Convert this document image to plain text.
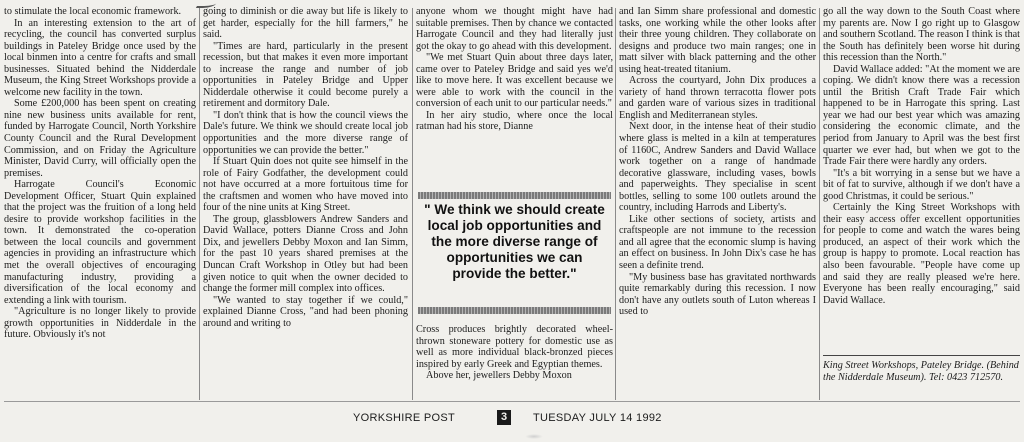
to stimulate the local economic framework.

In an interesting extension to the art of recycling, the council has converted surplus buildings in Pateley Bridge once used by the local binmen into a centre for crafts and small businesses. Situated behind the Nidderdale Museum, the King Street Workshops provide a welcome new facility in the town.

Some £200,000 has been spent on creating nine new business units available for rent, funded by Harrogate Council, North Yorkshire County Council and the Rural Development Commission, and on Friday the Agriculture Minister, David Curry, will officially open the premises.

Harrogate Council's Economic Development Officer, Stuart Quin explained that the project was the fruition of a long held desire to provide workshop facilities in the town. It demonstrated the co-operation between the local councils and government agencies in providing an infrastructure which met the overall objectives of encouraging manufacturing industry, providing a diversification of the local economy and extending a link with tourism.

"Agriculture is no longer likely to provide growth opportunities in Nidderdale in the future. Obviously it's not

going to diminish or die away but life is likely to get harder, especially for the hill farmers," he said.

"Times are hard, particularly in the present recession, but that makes it even more important to increase the range and number of job opportunities in Pateley Bridge and Upper Nidderdale otherwise it could become purely a retirement and dormitory Dale.

"I don't think that is how the council views the Dale's future. We think we should create local job opportunities and the more diverse range of opportunities we can provide the better."

If Stuart Quin does not quite see himself in the role of Fairy Godfather, the development could not have occurred at a more fortuitous time for the craftsmen and women who have moved into four of the nine units at King Street.

The group, glassblowers Andrew Sanders and David Wallace, potters Dianne Cross and John Dix, and jewellers Debby Moxon and Ian Simm, for the past 10 years shared premises at the Duncan Craft Workshop in Otley but had been given notice to quit when the owner decided to change the former mill complex into offices.

"We wanted to stay together if we could," explained Dianne Cross, "and had been phoning around and writing to

anyone whom we thought might have had suitable premises. Then by chance we contacted Harrogate Council and they had literally just got the okay to go ahead with this development.

"We met Stuart Quin about three days later, came over to Pateley Bridge and said yes we'd like to move here. It was excellent because we were able to work with the council in the conversion of each unit to our particular needs."

In her airy studio, where once the local ratman had his store, Dianne

" We think we should create local job opportunities and the more diverse range of opportunities we can provide the better."

Cross produces brightly decorated wheel-thrown stoneware pottery for domestic use as well as more individual black-bronzed pieces inspired by early Greek and Egyptian themes.

Above her, jewellers Debby Moxon

and Ian Simm share professional and domestic tasks, one working while the other looks after their three young children. They collaborate on designs and produce two main ranges; one in matt silver with black patterning and the other using heat-treated titanium.

Across the courtyard, John Dix produces a variety of hand thrown terracotta flower pots and garden ware of various sizes in traditional English and Mediterranean styles.

Next door, in the intense heat of their studio where glass is melted in a kiln at temperatures of 1160C, Andrew Sanders and David Wallace work together on a range of handmade decorative glassware, including vases, bowls and paperweights. They specialise in scent bottles, selling to some 100 outlets around the country, including Harrods and Liberty's.

Like other sections of society, artists and craftspeople are not immune to the recession and all agree that the economic slump is having an effect on business. In John Dix's case he has seen a definite trend.

"My business base has gravitated northwards quite remarkably during this recession. I now don't have any outlets south of Luton whereas I used to

go all the way down to the South Coast where my parents are. Now I go right up to Glasgow and southern Scotland. The reason I think is that the South has definitely been worse hit during this recession than the North."

David Wallace added: "At the moment we are coping. We didn't know there was a recession until the British Craft Trade Fair which happened to be in Harrogate this spring. Last year we had our best year which was amazing considering the economic climate, and the period from January to April was the best first quarter we ever had, but when we got to the Trade Fair there were hardly any orders.

"It's a bit worrying in a sense but we have a bit of fat to survive, although if we don't have a good Christmas, it could be serious."

Certainly the King Street Workshops with their easy access offer excellent opportunities for people to come and watch the wares being produced, an aspect of their work which the group is happy to promote. Local reaction has also been favourable. "People have come up and said they are really pleased we're here. Everyone has been really encouraging," said David Wallace.

King Street Workshops, Pateley Bridge. (Behind the Nidderdale Museum). Tel: 0423 712570.
YORKSHIRE POST	3	TUESDAY JULY 14 1992
